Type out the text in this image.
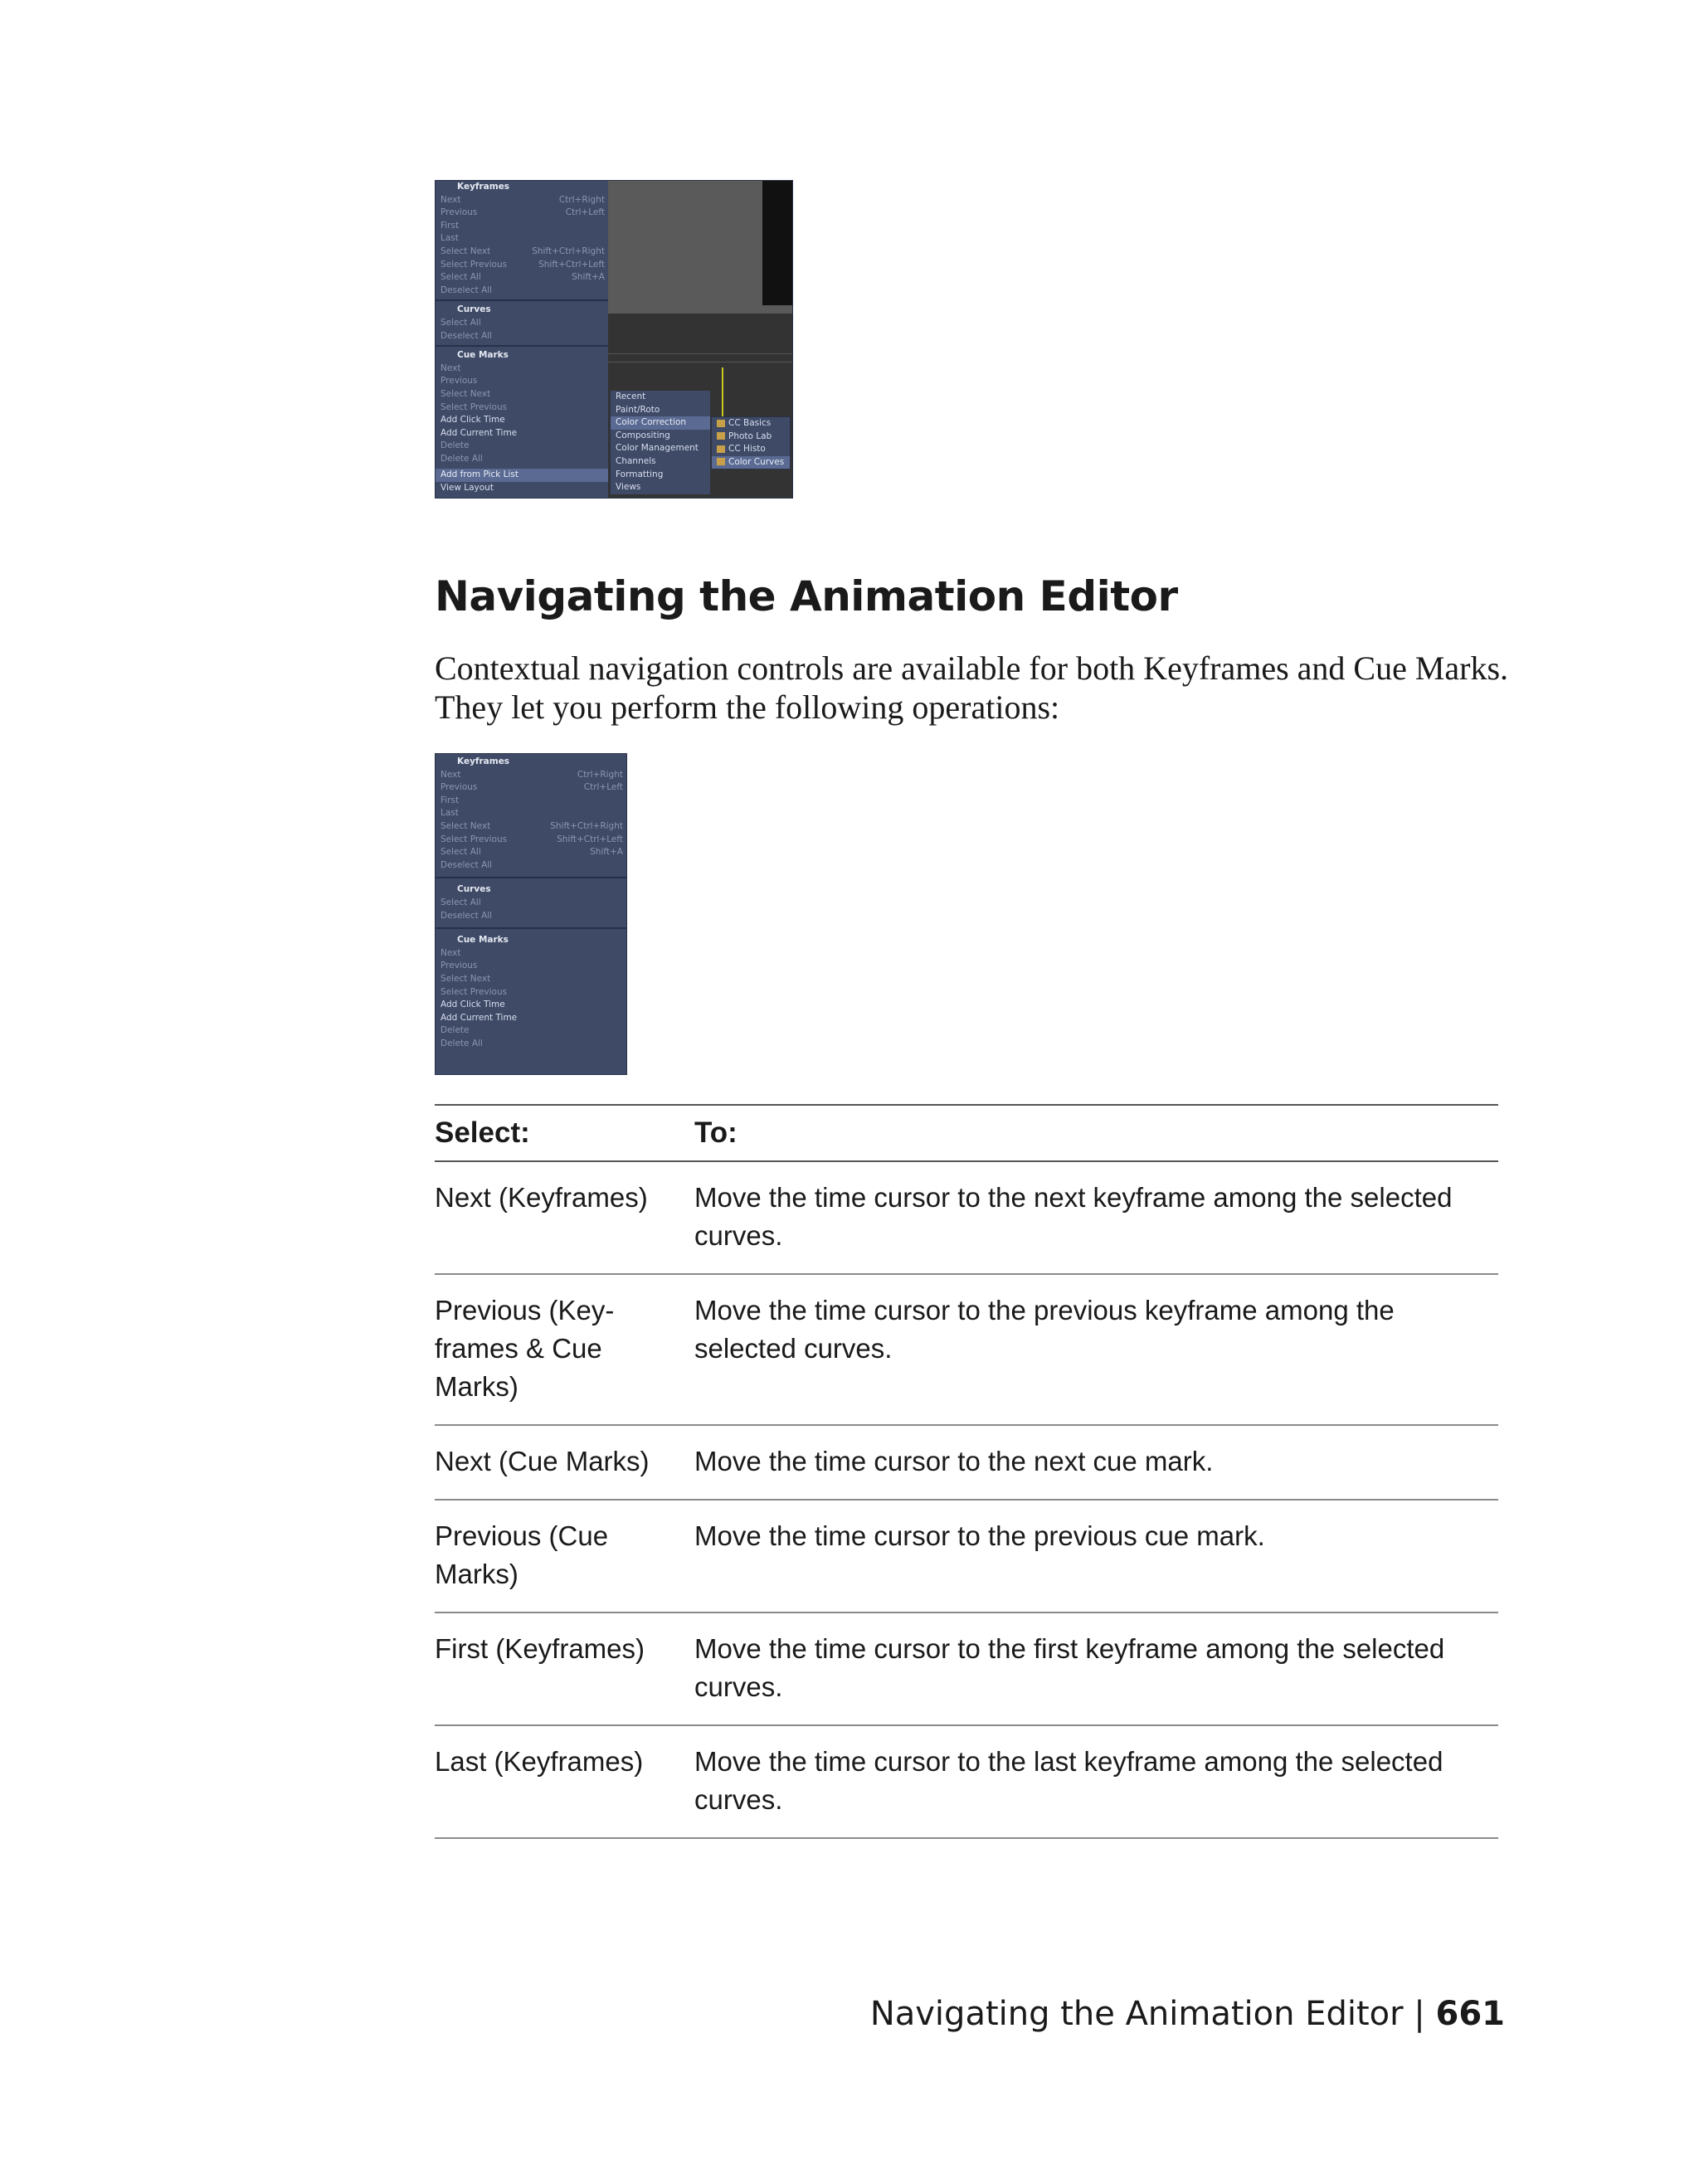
Keyframes
Next	Ctrl+Right
Previous	Ctrl+Left
First
Last
Select Next	Shift+Ctrl+Right
Select Previous	Shift+Ctrl+Left
Select All	Shift+A
Deselect All
Curves
Select All
Deselect All
Cue Marks
Next
Previous
Select Next
Select Previous
Add Click Time
Add Current Time
Delete
Delete All
Add from Pick List
View Layout
Recent
Paint/Roto
Color Correction
Compositing
Color Management
Channels
Formatting
Views
CC Basics
Photo Lab
CC Histo
Color Curves
Navigating the Animation Editor

Contextual navigation controls are available for both Keyframes and Cue Marks. They let you perform the following operations:

Keyframes
Next	Ctrl+Right
Previous	Ctrl+Left
First
Last
Select Next	Shift+Ctrl+Right
Select Previous	Shift+Ctrl+Left
Select All	Shift+A
Deselect All
Curves
Select All
Deselect All
Cue Marks
Next
Previous
Select Next
Select Previous
Add Click Time
Add Current Time
Delete
Delete All
Select:	To:
Next (Keyframes)	Move the time cursor to the next keyframe among the selected curves.
Previous (Key-
frames & Cue
Marks)	Move the time cursor to the previous keyframe among the selected curves.
Next (Cue Marks)	Move the time cursor to the next cue mark.
Previous (Cue Marks)	Move the time cursor to the previous cue mark.
First (Keyframes)	Move the time cursor to the first keyframe among the selected curves.
Last (Keyframes)	Move the time cursor to the last keyframe among the selected curves.
Navigating the Animation Editor | 661
